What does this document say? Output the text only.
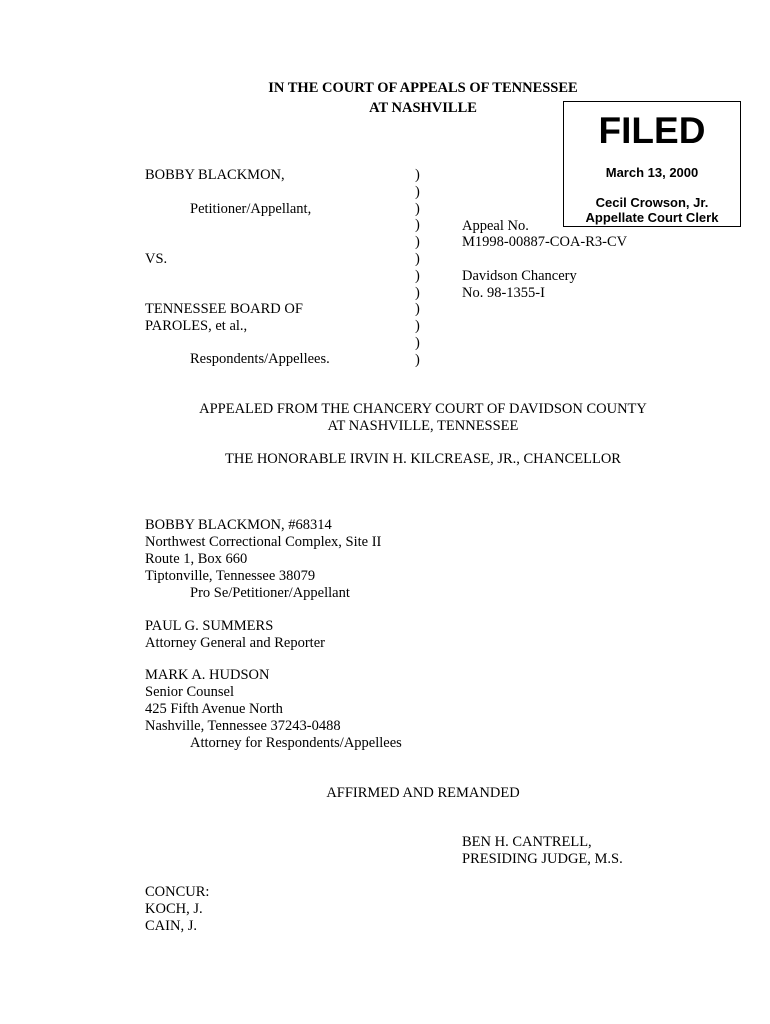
IN THE COURT OF APPEALS OF TENNESSEE
AT NASHVILLE
FILED
March 13, 2000
Cecil Crowson, Jr.
Appellate Court Clerk
BOBBY BLACKMON,
Petitioner/Appellant,
VS.
TENNESSEE BOARD OF
PAROLES, et al.,
Respondents/Appellees.
)
)
)
)
)
)
)
)
)
)
)
)
Appeal No.
M1998-00887-COA-R3-CV
Davidson Chancery
No. 98-1355-I
APPEALED FROM THE CHANCERY COURT OF DAVIDSON COUNTY
AT NASHVILLE, TENNESSEE
THE HONORABLE IRVIN H. KILCREASE, JR., CHANCELLOR
BOBBY BLACKMON, #68314
Northwest Correctional Complex, Site II
Route 1, Box 660
Tiptonville, Tennessee 38079
Pro Se/Petitioner/Appellant
PAUL G. SUMMERS
Attorney General and Reporter
MARK A. HUDSON
Senior Counsel
425 Fifth Avenue North
Nashville, Tennessee 37243-0488
Attorney for Respondents/Appellees
AFFIRMED AND REMANDED
BEN H. CANTRELL,
PRESIDING JUDGE, M.S.
CONCUR:
KOCH, J.
CAIN, J.
